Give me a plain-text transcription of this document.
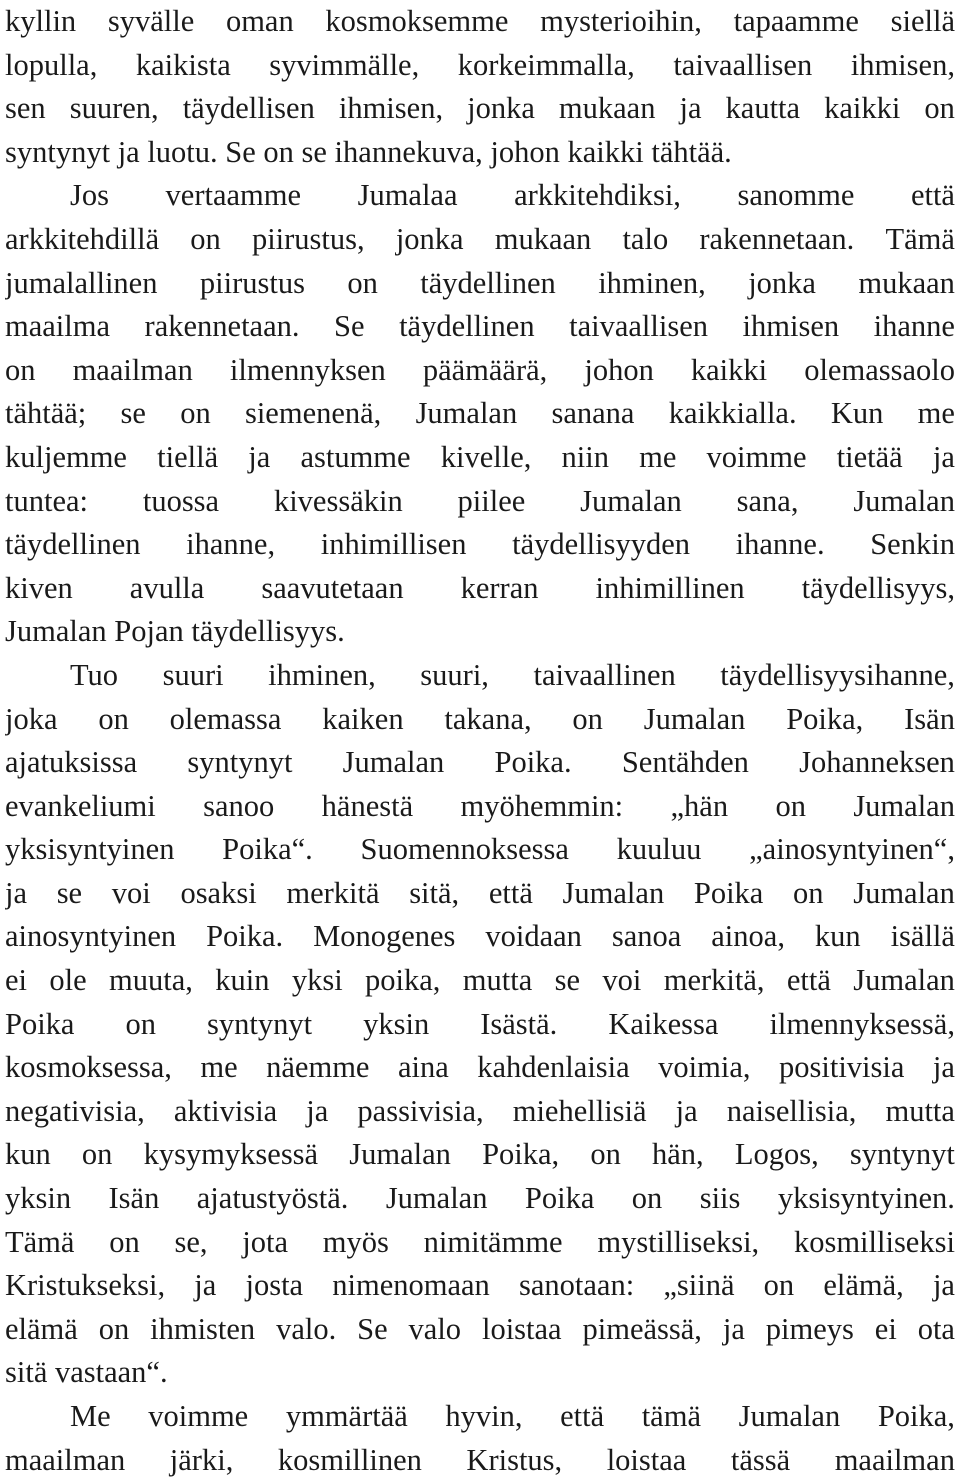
kyllin syvälle oman kosmoksemme mysterioihin, tapaamme siellä
lopulla, kaikista syvimmälle, korkeimmalla, taivaallisen ihmisen,
sen suuren, täydellisen ihmisen, jonka mukaan ja kautta kaikki on
syntynyt ja luotu. Se on se ihannekuva, johon kaikki tähtää.
Jos vertaamme Jumalaa arkkitehdiksi, sanomme että
arkkitehdillä on piirustus, jonka mukaan talo rakennetaan. Tämä
jumalallinen piirustus on täydellinen ihminen, jonka mukaan
maailma rakennetaan. Se täydellinen taivaallisen ihmisen ihanne
on maailman ilmennyksen päämäärä, johon kaikki olemassaolo
tähtää; se on siemenenä, Jumalan sanana kaikkialla. Kun me
kuljemme tiellä ja astumme kivelle, niin me voimme tietää ja
tuntea: tuossa kivessäkin piilee Jumalan sana, Jumalan
täydellinen ihanne, inhimillisen täydellisyyden ihanne. Senkin
kiven avulla saavutetaan kerran inhimillinen täydellisyys,
Jumalan Pojan täydellisyys.
Tuo suuri ihminen, suuri, taivaallinen täydellisyysihanne,
joka on olemassa kaiken takana, on Jumalan Poika, Isän
ajatuksissa syntynyt Jumalan Poika. Sentähden Johanneksen
evankeliumi sanoo hänestä myöhemmin: „hän on Jumalan
yksisyntyinen Poika“. Suomennoksessa kuuluu „ainosyntyinen“,
ja se voi osaksi merkitä sitä, että Jumalan Poika on Jumalan
ainosyntyinen Poika. Monogenes voidaan sanoa ainoa, kun isällä
ei ole muuta, kuin yksi poika, mutta se voi merkitä, että Jumalan
Poika on syntynyt yksin Isästä. Kaikessa ilmennyksessä,
kosmoksessa, me näemme aina kahdenlaisia voimia, positivisia ja
negativisia, aktivisia ja passivisia, miehellisiä ja naisellisia, mutta
kun on kysymyksessä Jumalan Poika, on hän, Logos, syntynyt
yksin Isän ajatustyöstä. Jumalan Poika on siis yksisyntyinen.
Tämä on se, jota myös nimitämme mystilliseksi, kosmilliseksi
Kristukseksi, ja josta nimenomaan sanotaan: „siinä on elämä, ja
elämä on ihmisten valo. Se valo loistaa pimeässä, ja pimeys ei ota
sitä vastaan“.
Me voimme ymmärtää hyvin, että tämä Jumalan Poika,
maailman järki, kosmillinen Kristus, loistaa tässä maailman
